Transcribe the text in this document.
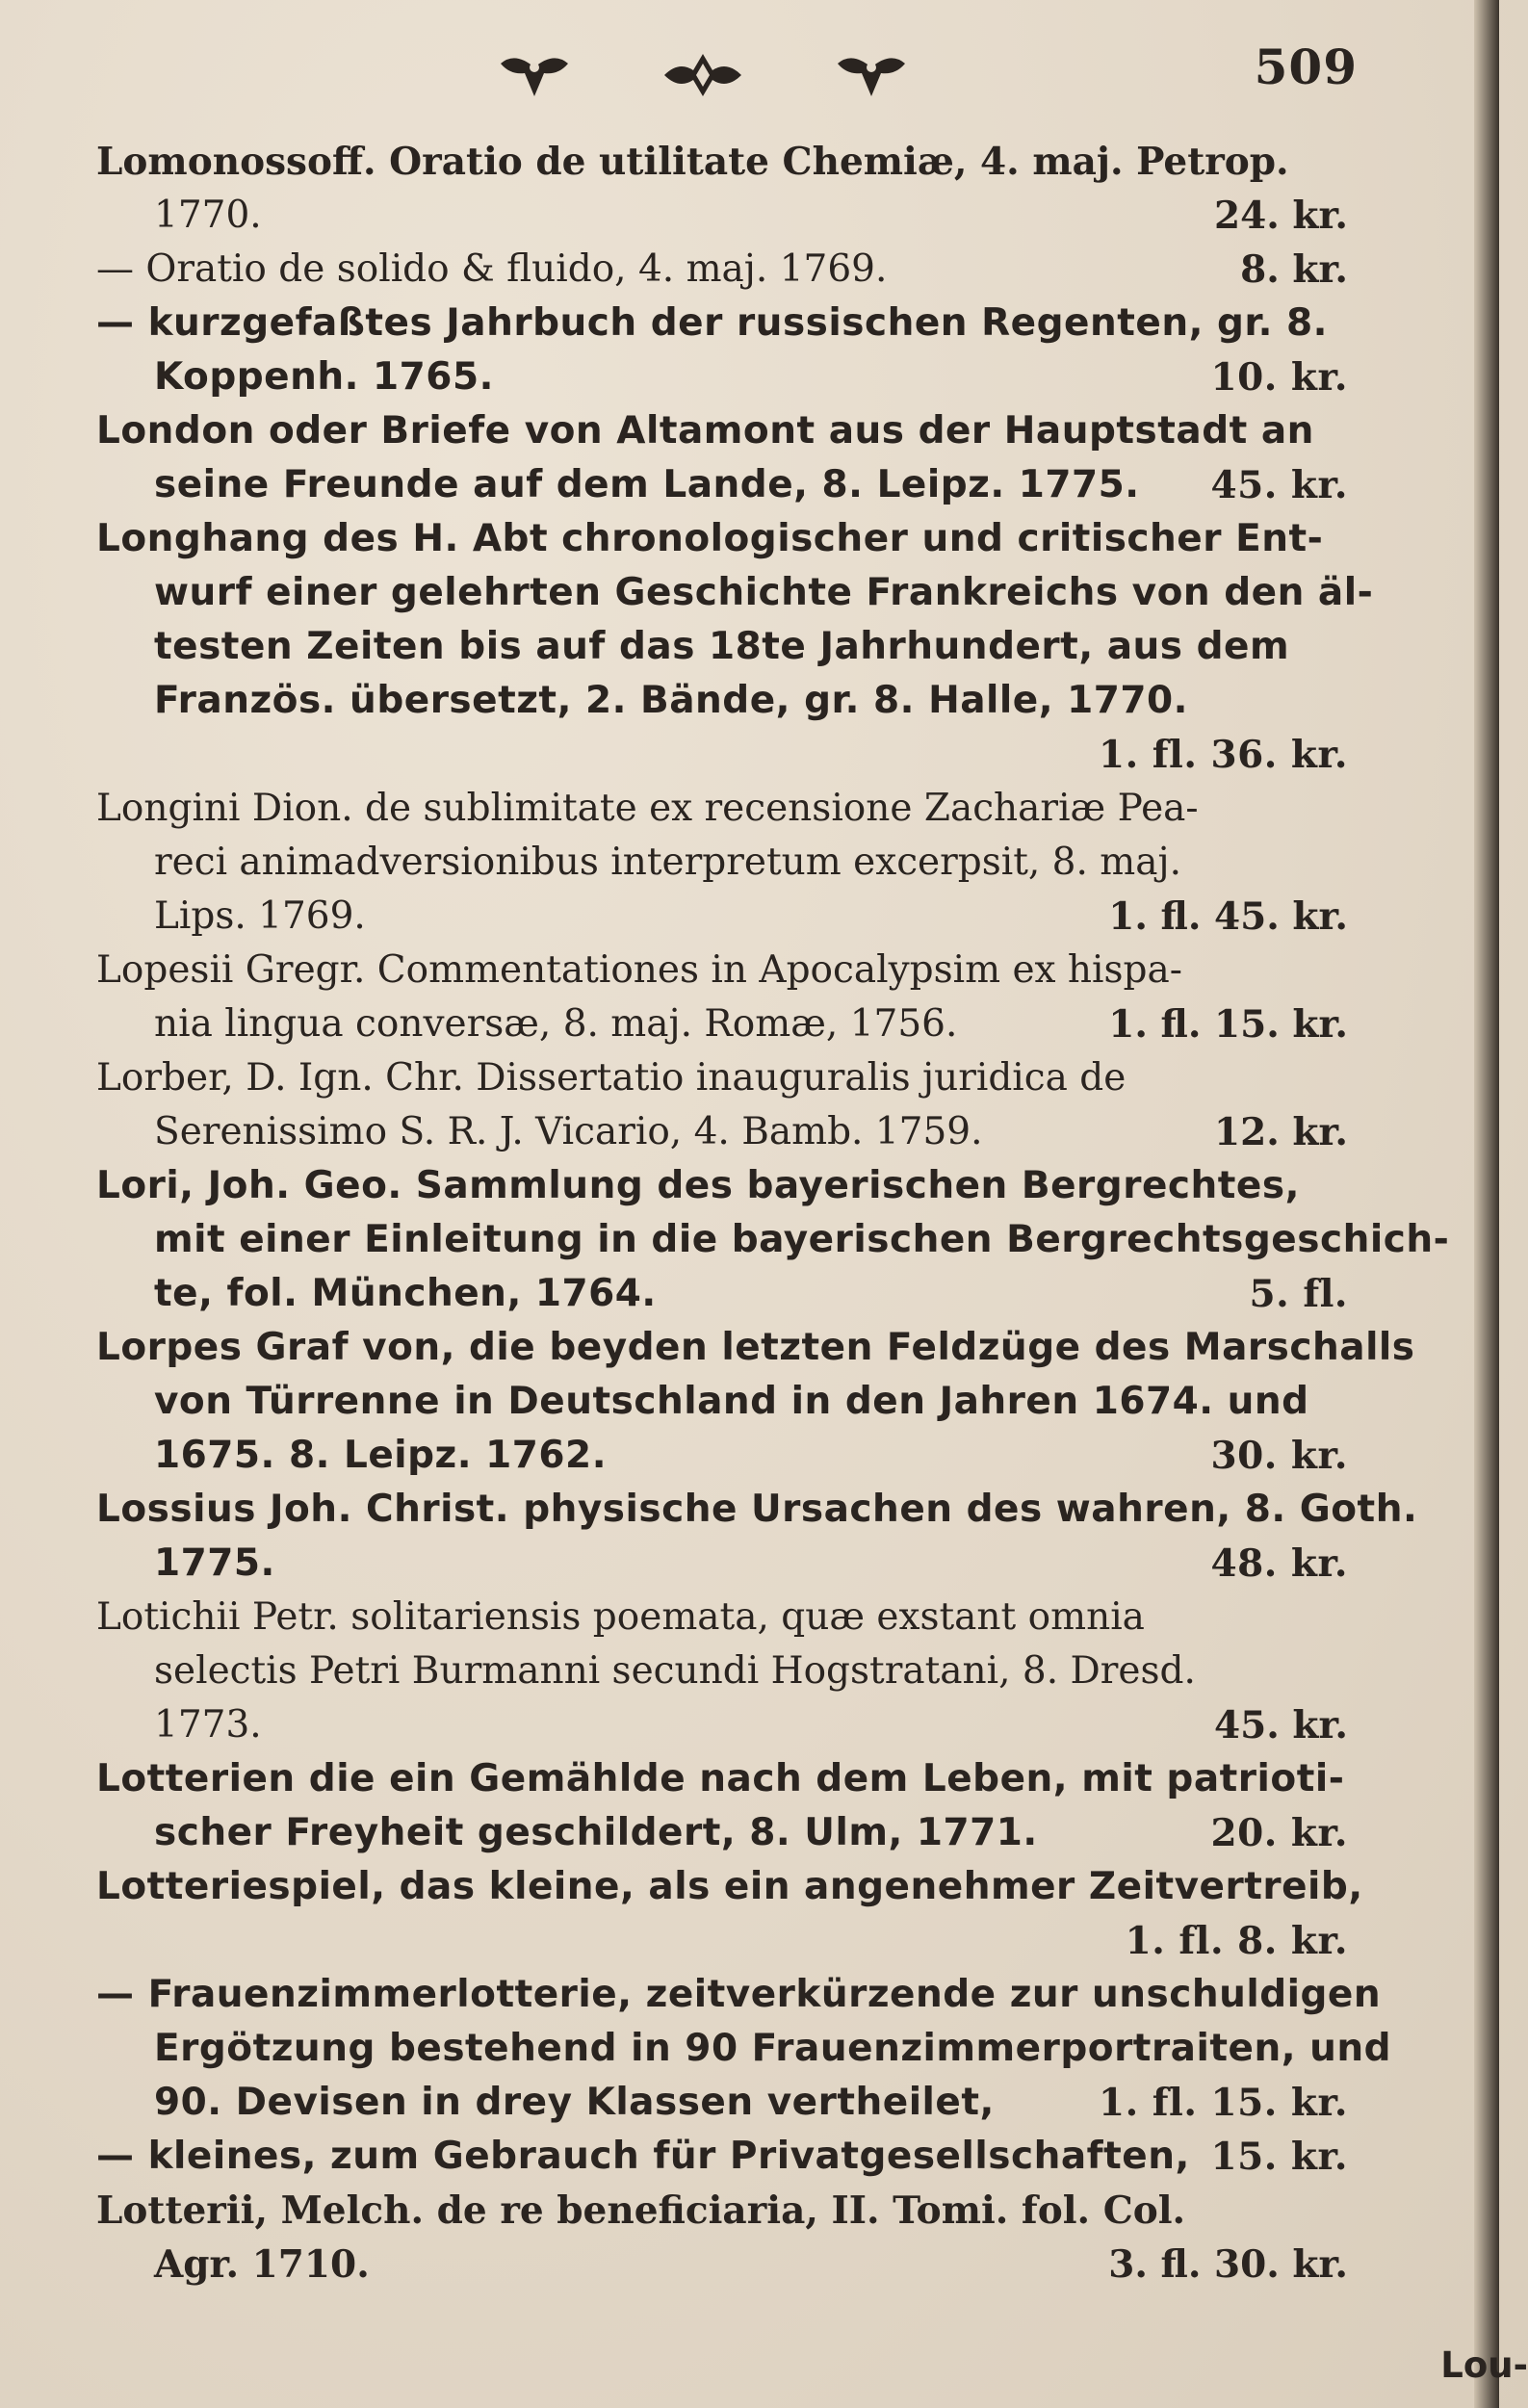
509
Lomonossoff. Oratio de utilitate Chemiæ, 4. maj. Petrop.
1770.	24. kr.
— Oratio de solido & fluido, 4. maj. 1769.	8. kr.
— kurzgefaßtes Jahrbuch der russischen Regenten, gr. 8.
Koppenh. 1765.	10. kr.
London oder Briefe von Altamont aus der Hauptstadt an
seine Freunde auf dem Lande, 8. Leipz. 1775. 45. kr.
Longhang des H. Abt chronologischer und critischer Ent-
wurf einer gelehrten Geschichte Frankreichs von den äl-
testen Zeiten bis auf das 18te Jahrhundert, aus dem
Französ. übersetzt, 2. Bände, gr. 8. Halle, 1770.
1. fl. 36. kr.
Longini Dion. de sublimitate ex recensione Zachariæ Pea-
reci animadversionibus interpretum excerpsit, 8. maj.
Lips. 1769.	1. fl. 45. kr.
Lopesii Gregr. Commentationes in Apocalypsim ex hispa-
nia lingua conversæ, 8. maj. Romæ, 1756.	1. fl. 15. kr.
Lorber, D. Ign. Chr. Dissertatio inauguralis juridica de
Serenissimo S. R. J. Vicario, 4. Bamb. 1759.	12. kr.
Lori, Joh. Geo. Sammlung des bayerischen Bergrechtes,
mit einer Einleitung in die bayerischen Bergrechtsgeschich-
te, fol. München, 1764.	5. fl.
Lorpes Graf von, die beyden letzten Feldzüge des Marschalls
von Türrenne in Deutschland in den Jahren 1674. und
1675. 8. Leipz. 1762.	30. kr.
Lossius Joh. Christ. physische Ursachen des wahren, 8. Goth.
1775.	48. kr.
Lotichii Petr. solitariensis poemata, quæ exstant omnia
selectis Petri Burmanni secundi Hogstratani, 8. Dresd.
1773.	45. kr.
Lotterien die ein Gemählde nach dem Leben, mit patrioti-
scher Freyheit geschildert, 8. Ulm, 1771.	20. kr.
Lotteriespiel, das kleine, als ein angenehmer Zeitvertreib,
1. fl. 8. kr.
— Frauenzimmerlotterie, zeitverkürzende zur unschuldigen
Ergötzung bestehend in 90 Frauenzimmerportraiten, und
90. Devisen in drey Klassen vertheilet,	1. fl. 15. kr.
— kleines, zum Gebrauch für Privatgesellschaften, 15. kr.
Lotterii, Melch. de re beneficiaria, II. Tomi. fol. Col.
Agr. 1710.	3. fl. 30. kr.
Lou-
